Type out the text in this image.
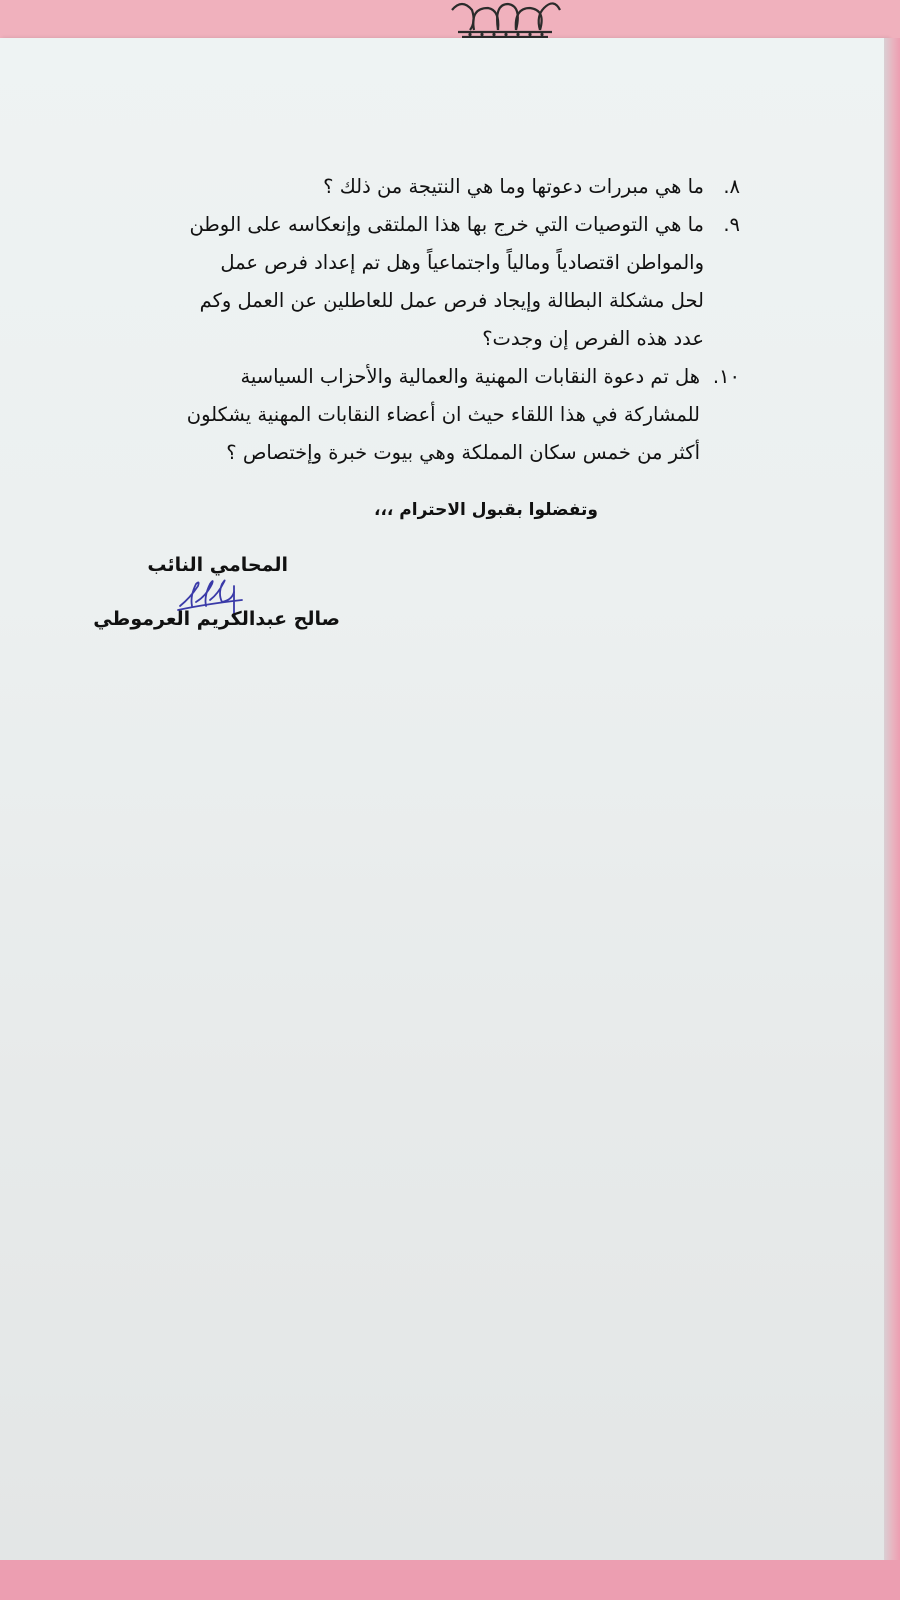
٨.
ما هي مبررات دعوتها وما هي النتيجة من ذلك ؟
٩.
ما هي التوصيات التي خرج بها هذا الملتقى وإنعكاسه على الوطن
والمواطن اقتصادياً ومالياً واجتماعياً وهل تم إعداد فرص عمل
لحل مشكلة البطالة وإيجاد فرص عمل للعاطلين عن العمل وكم
عدد هذه الفرص إن وجدت؟
١٠.
هل تم دعوة النقابات المهنية والعمالية والأحزاب السياسية
للمشاركة في هذا اللقاء حيث ان أعضاء النقابات المهنية يشكلون
أكثر من خمس سكان المملكة وهي بيوت خبرة وإختصاص ؟
وتفضلوا بقبول الاحترام ،،،
المحامي النائب
صالح عبدالكريم العرموطي
